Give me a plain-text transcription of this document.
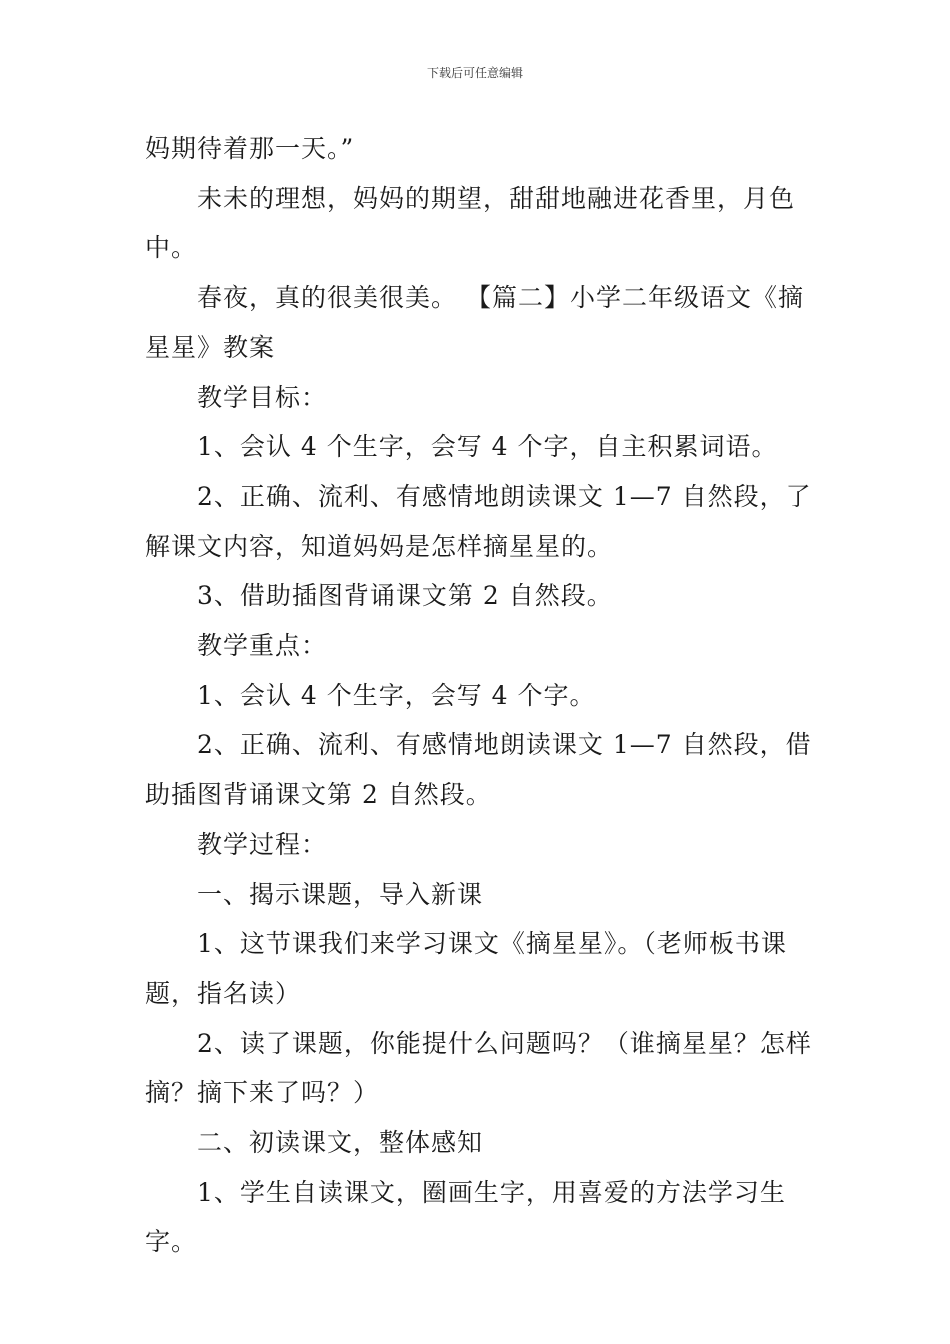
下载后可任意编辑

妈期待着那一天。”

未未的理想，妈妈的期望，甜甜地融进花香里，月色中。

春夜，真的很美很美。 【篇二】小学二年级语文《摘星星》教案

教学目标：

1、会认 4 个生字，会写 4 个字，自主积累词语。

2、正确、流利、有感情地朗读课文 1—7 自然段，了解课文内容，知道妈妈是怎样摘星星的。

3、借助插图背诵课文第 2 自然段。

教学重点：

1、会认 4 个生字，会写 4 个字。

2、正确、流利、有感情地朗读课文 1—7 自然段，借助插图背诵课文第 2 自然段。

教学过程：

一、揭示课题，导入新课

1、这节课我们来学习课文《摘星星》。（老师板书课题，指名读）

2、读了课题，你能提什么问题吗？（谁摘星星？怎样摘？摘下来了吗？）

二、初读课文，整体感知

1、学生自读课文，圈画生字，用喜爱的方法学习生字。
